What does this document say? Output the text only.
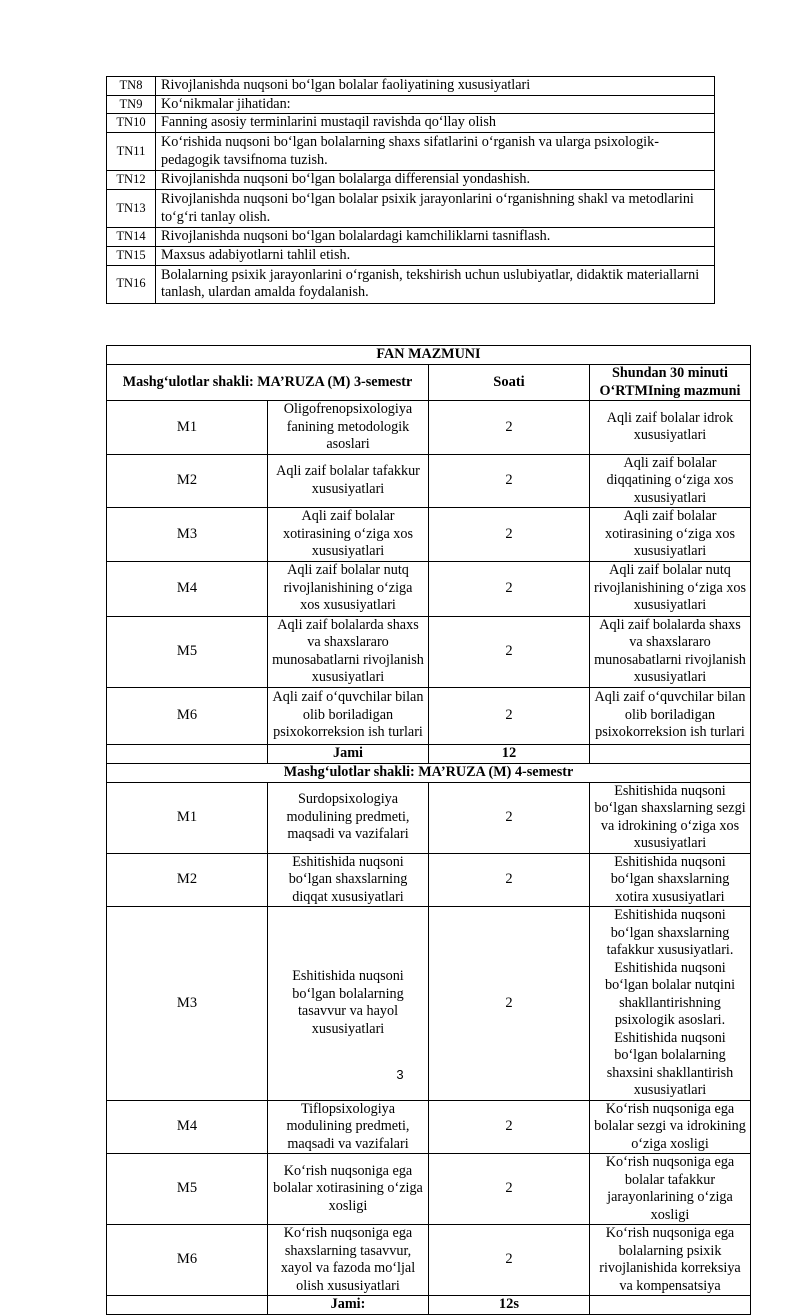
TN8	Rivojlanishda nuqsoni bo‘lgan bolalar faoliyatining xususiyatlari
TN9	Ko‘nikmalar jihatidan:
TN10	Fanning asosiy terminlarini mustaqil ravishda qo‘llay olish
TN11	Ko‘rishida nuqsoni bo‘lgan bolalarning shaxs sifatlarini o‘rganish va ularga psixologik-pedagogik tavsifnoma tuzish.
TN12	Rivojlanishda nuqsoni bo‘lgan bolalarga differensial yondashish.
TN13	Rivojlanishda nuqsoni bo‘lgan bolalar psixik jarayonlarini o‘rganishning shakl va metodlarini to‘g‘ri tanlay olish.
TN14	Rivojlanishda nuqsoni bo‘lgan bolalardagi kamchiliklarni tasniflash.
TN15	Maxsus adabiyotlarni tahlil etish.
TN16	Bolalarning psixik jarayonlarini o‘rganish, tekshirish uchun uslubiyatlar, didaktik materiallarni tanlash, ulardan amalda foydalanish.
FAN MAZMUNI			
Mashg‘ulotlar shakli: MA’RUZA (M) 3-semestr		Soati	Shundan 30 minuti O‘RTMIning mazmuni
M1	Oligofrenopsixologiya fanining metodologik asoslari	2	Aqli zaif bolalar idrok xususiyatlari
M2	Aqli zaif bolalar tafakkur xususiyatlari	2	Aqli zaif bolalar diqqatining o‘ziga xos xususiyatlari
M3	Aqli zaif bolalar xotirasining o‘ziga xos xususiyatlari	2	Aqli zaif bolalar xotirasining o‘ziga xos xususiyatlari
M4	Aqli zaif bolalar nutq rivojlanishining o‘ziga xos xususiyatlari	2	Aqli zaif bolalar nutq rivojlanishining o‘ziga xos xususiyatlari
M5	Aqli zaif bolalarda shaxs va shaxslararo munosabatlarni rivojlanish xususiyatlari	2	Aqli zaif bolalarda shaxs va shaxslararo munosabatlarni rivojlanish xususiyatlari
M6	Aqli zaif o‘quvchilar bilan olib boriladigan psixokorreksion ish turlari	2	Aqli zaif o‘quvchilar bilan olib boriladigan psixokorreksion ish turlari
	Jami	12	
Mashg‘ulotlar shakli: MA’RUZA (M) 4-semestr			
M1	Surdopsixologiya modulining predmeti, maqsadi va vazifalari	2	Eshitishida nuqsoni bo‘lgan shaxslarning sezgi va idrokining o‘ziga xos xususiyatlari
M2	Eshitishida nuqsoni bo‘lgan shaxslarning diqqat xususiyatlari	2	Eshitishida nuqsoni bo‘lgan shaxslarning xotira xususiyatlari
M3	Eshitishida nuqsoni bo‘lgan bolalarning tasavvur va hayol xususiyatlari	2	Eshitishida nuqsoni bo‘lgan shaxslarning tafakkur xususiyatlari. Eshitishida nuqsoni bo‘lgan bolalar nutqini shakllantirishning psixologik asoslari. Eshitishida nuqsoni bo‘lgan bolalarning shaxsini shakllantirish xususiyatlari
M4	Tiflopsixologiya modulining predmeti, maqsadi va vazifalari	2	Ko‘rish nuqsoniga ega bolalar sezgi va idrokining o‘ziga xosligi
M5	Ko‘rish nuqsoniga ega bolalar xotirasining o‘ziga xosligi	2	Ko‘rish nuqsoniga ega bolalar tafakkur jarayonlarining o‘ziga xosligi
M6	Ko‘rish nuqsoniga ega shaxslarning tasavvur, xayol va fazoda mo‘ljal olish xususiyatlari	2	Ko‘rish nuqsoniga ega bolalarning psixik rivojlanishida korreksiya va kompensatsiya
	Jami:	12s	
3
